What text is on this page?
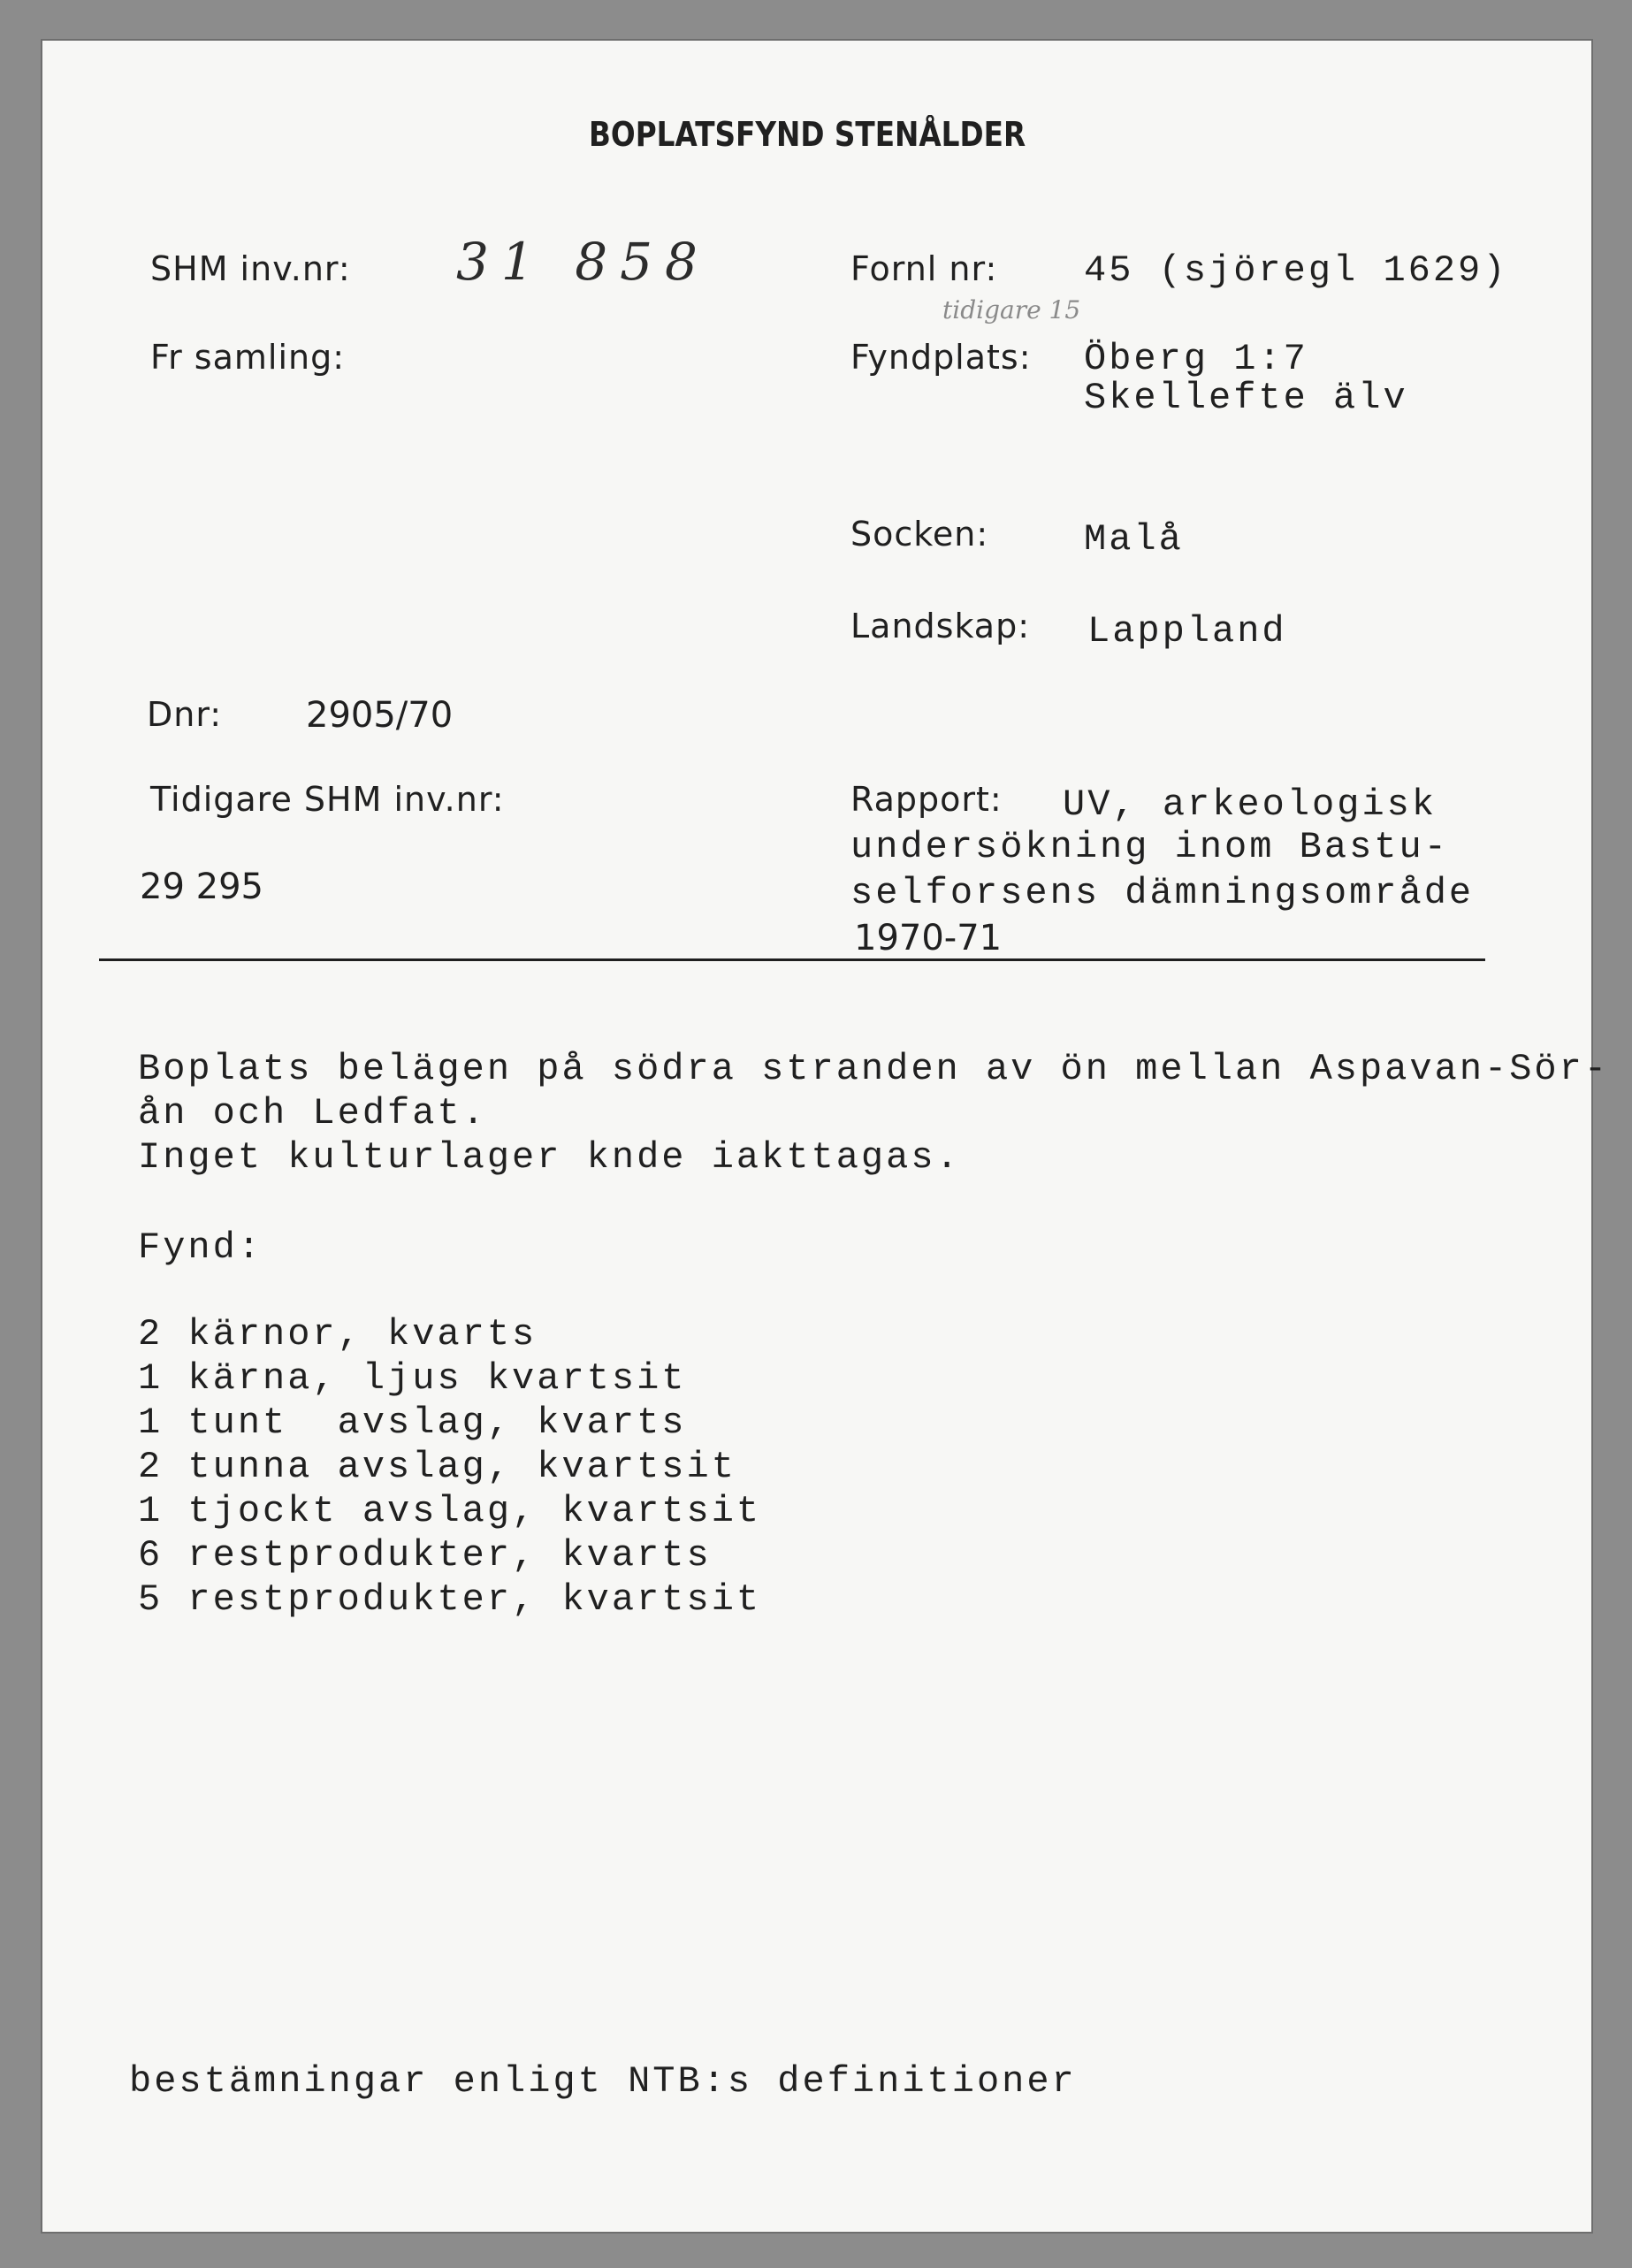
BOPLATSFYND STENÅLDER
SHM inv.nr: 31 858
Fr samling:
Dnr: 2905/70
Tidigare SHM inv.nr:
29 295
Fornl nr: 45 (sjöregl 1629)
tidigare 15
Fyndplats: Öberg 1:7
Skellefte älv
Socken:	Malå
Landskap: Lappland
Rapport: UV, arkeologisk
undersökning inom Bastu-
selforsens dämningsområde
1970-71
Boplats belägen på södra stranden av ön mellan Aspavan-Sör-
ån och Ledfat.
Inget kulturlager knde iakttagas.
Fynd:
2 kärnor, kvarts
1 kärna, ljus kvartsit
1 tunt  avslag, kvarts
2 tunna avslag, kvartsit
1 tjockt avslag, kvartsit
6 restprodukter, kvarts
5 restprodukter, kvartsit
bestämningar enligt NTB:s definitioner
